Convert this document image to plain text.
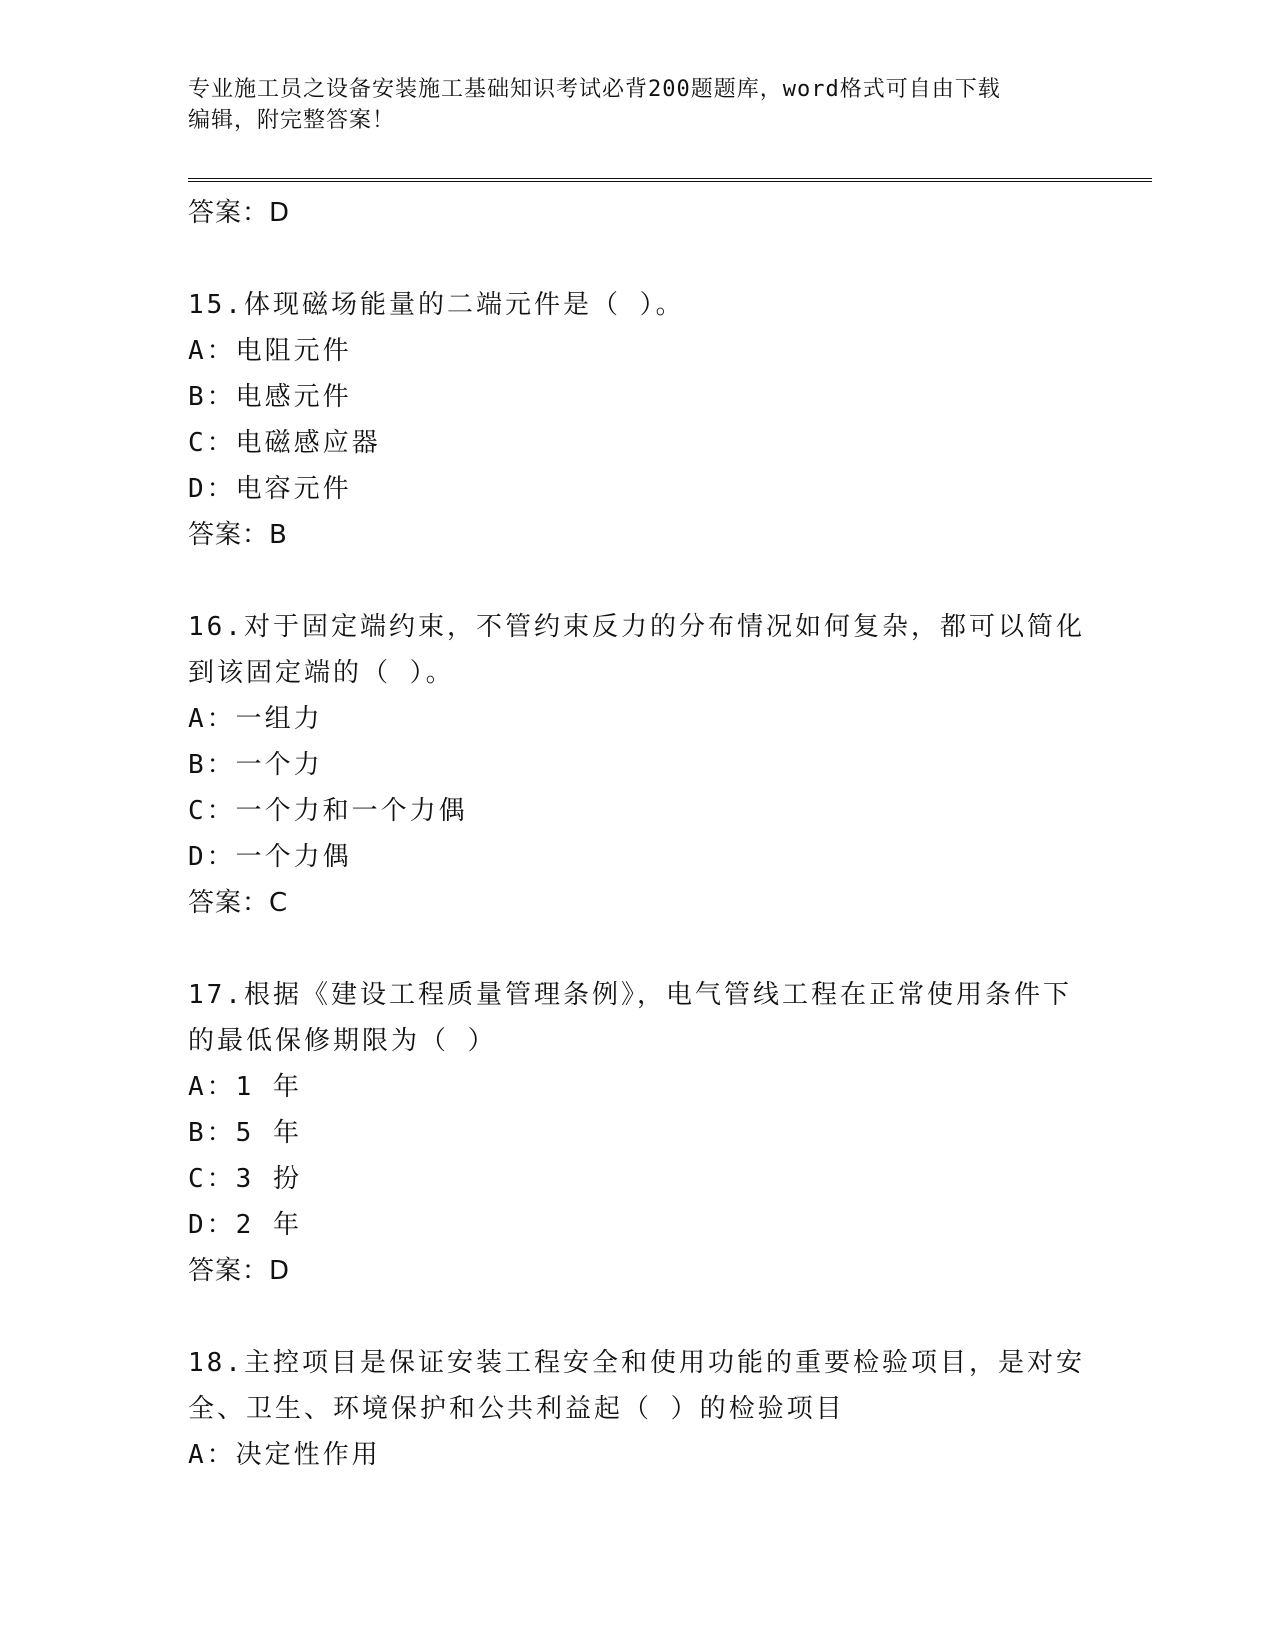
专业施工员之设备安装施工基础知识考试必背200题题库，word格式可自由下载
编辑，附完整答案！
答案：D
15.体现磁场能量的二端元件是（ ）。
A：电阻元件
B：电感元件
C：电磁感应器
D：电容元件
答案：B
16.对于固定端约束，不管约束反力的分布情况如何复杂，都可以简化
到该固定端的（ ）。
A：一组力
B：一个力
C：一个力和一个力偶
D：一个力偶
答案：C
17.根据《建设工程质量管理条例》，电气管线工程在正常使用条件下
的最低保修期限为（ ）
A：1 年
B：5 年
C：3 扮
D：2 年
答案：D
18.主控项目是保证安装工程安全和使用功能的重要检验项目，是对安
全、卫生、环境保护和公共利益起（ ）的检验项目
A：决定性作用
